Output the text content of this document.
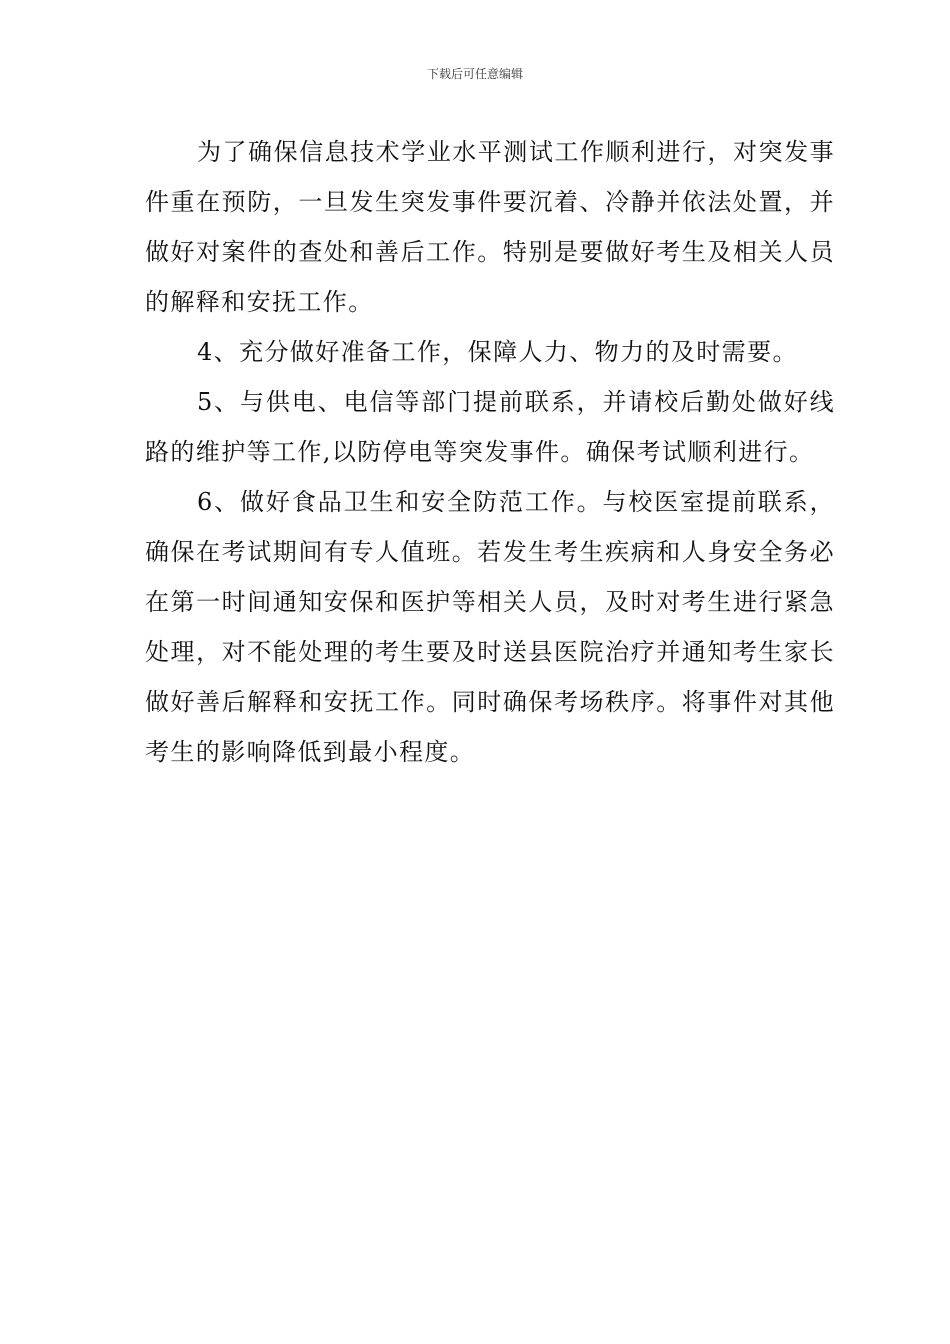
下载后可任意编辑

为了确保信息技术学业水平测试工作顺利进行，对突发事件重在预防，一旦发生突发事件要沉着、冷静并依法处置，并做好对案件的查处和善后工作。特别是要做好考生及相关人员的解释和安抚工作。

4、充分做好准备工作，保障人力、物力的及时需要。

5、与供电、电信等部门提前联系，并请校后勤处做好线路的维护等工作,以防停电等突发事件。确保考试顺利进行。

6、做好食品卫生和安全防范工作。与校医室提前联系，确保在考试期间有专人值班。若发生考生疾病和人身安全务必在第一时间通知安保和医护等相关人员，及时对考生进行紧急处理，对不能处理的考生要及时送县医院治疗并通知考生家长做好善后解释和安抚工作。同时确保考场秩序。将事件对其他考生的影响降低到最小程度。
